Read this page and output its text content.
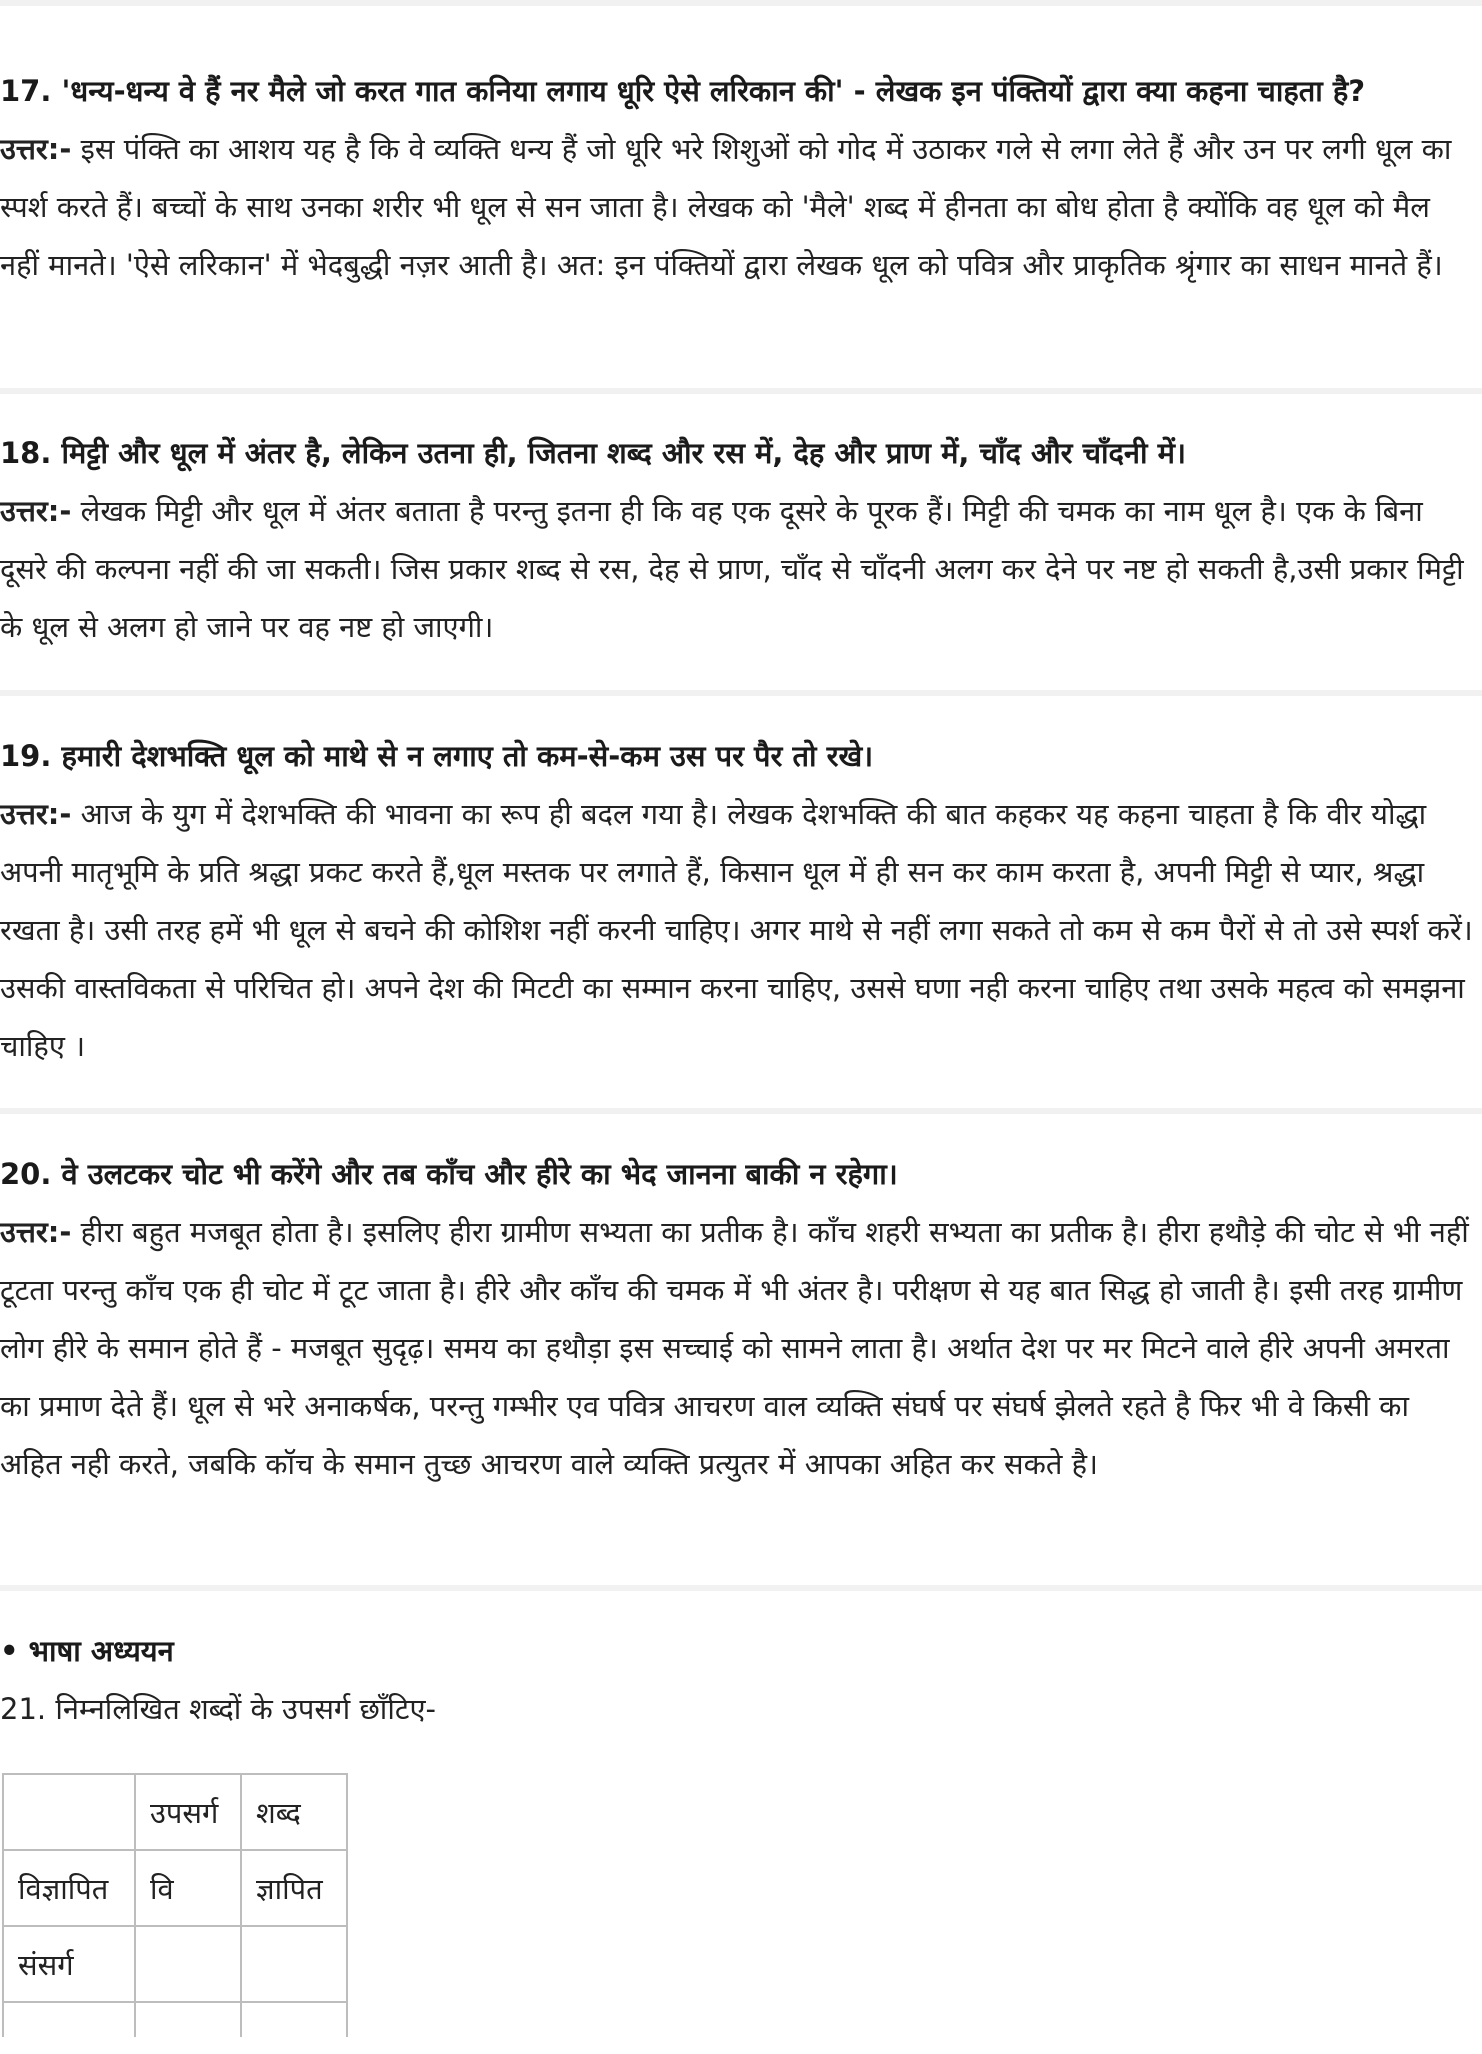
17. 'धन्य-धन्य वे हैं नर मैले जो करत गात कनिया लगाय धूरि ऐसे लरिकान की' - लेखक इन पंक्तियों द्वारा क्या कहना चाहता है?

उत्तर:- इस पंक्ति का आशय यह है कि वे व्यक्ति धन्य हैं जो धूरि भरे शिशुओं को गोद में उठाकर गले से लगा लेते हैं और उन पर लगी धूल का स्पर्श करते हैं। बच्चों के साथ उनका शरीर भी धूल से सन जाता है। लेखक को 'मैले' शब्द में हीनता का बोध होता है क्योंकि वह धूल को मैल नहीं मानते। 'ऐसे लरिकान' में भेदबुद्धी नज़र आती है। अत: इन पंक्तियों द्वारा लेखक धूल को पवित्र और प्राकृतिक श्रृंगार का साधन मानते हैं।

18. मिट्टी और धूल में अंतर है, लेकिन उतना ही, जितना शब्द और रस में, देह और प्राण में, चाँद और चाँदनी में।

उत्तर:- लेखक मिट्टी और धूल में अंतर बताता है परन्तु इतना ही कि वह एक दूसरे के पूरक हैं। मिट्टी की चमक का नाम धूल है। एक के बिना दूसरे की कल्पना नहीं की जा सकती। जिस प्रकार शब्द से रस, देह से प्राण, चाँद से चाँदनी अलग कर देने पर नष्ट हो सकती है,उसी प्रकार मिट्टी के धूल से अलग हो जाने पर वह नष्ट हो जाएगी।

19. हमारी देशभक्ति धूल को माथे से न लगाए तो कम-से-कम उस पर पैर तो रखे।

उत्तर:- आज के युग में देशभक्ति की भावना का रूप ही बदल गया है। लेखक देशभक्ति की बात कहकर यह कहना चाहता है कि वीर योद्धा अपनी मातृभूमि के प्रति श्रद्धा प्रकट करते हैं,धूल मस्तक पर लगाते हैं, किसान धूल में ही सन कर काम करता है, अपनी मिट्टी से प्यार, श्रद्धा रखता है। उसी तरह हमें भी धूल से बचने की कोशिश नहीं करनी चाहिए। अगर माथे से नहीं लगा सकते तो कम से कम पैरों से तो उसे स्पर्श करें। उसकी वास्तविकता से परिचित हो। अपने देश की मिटटी का सम्मान करना चाहिए, उससे घणा नही करना चाहिए तथा उसके महत्व को समझना चाहिए ।

20. वे उलटकर चोट भी करेंगे और तब काँच और हीरे का भेद जानना बाकी न रहेगा।

उत्तर:- हीरा बहुत मजबूत होता है। इसलिए हीरा ग्रामीण सभ्यता का प्रतीक है। काँच शहरी सभ्यता का प्रतीक है। हीरा हथौड़े की चोट से भी नहीं टूटता परन्तु काँच एक ही चोट में टूट जाता है। हीरे और काँच की चमक में भी अंतर है। परीक्षण से यह बात सिद्ध हो जाती है। इसी तरह ग्रामीण लोग हीरे के समान होते हैं - मजबूत सुदृढ़। समय का हथौड़ा इस सच्चाई को सामने लाता है। अर्थात देश पर मर मिटने वाले हीरे अपनी अमरता का प्रमाण देते हैं। धूल से भरे अनाकर्षक, परन्तु गम्भीर एव पवित्र आचरण वाल व्यक्ति संघर्ष पर संघर्ष झेलते रहते है फिर भी वे किसी का अहित नही करते, जबकि कॉच के समान तुच्छ आचरण वाले व्यक्ति प्रत्युतर में आपका अहित कर सकते है।

• भाषा अध्ययन

21. निम्नलिखित शब्दों के उपसर्ग छाँटिए-

	उपसर्ग	शब्द
विज्ञापित	वि	ज्ञापित
संसर्ग		
